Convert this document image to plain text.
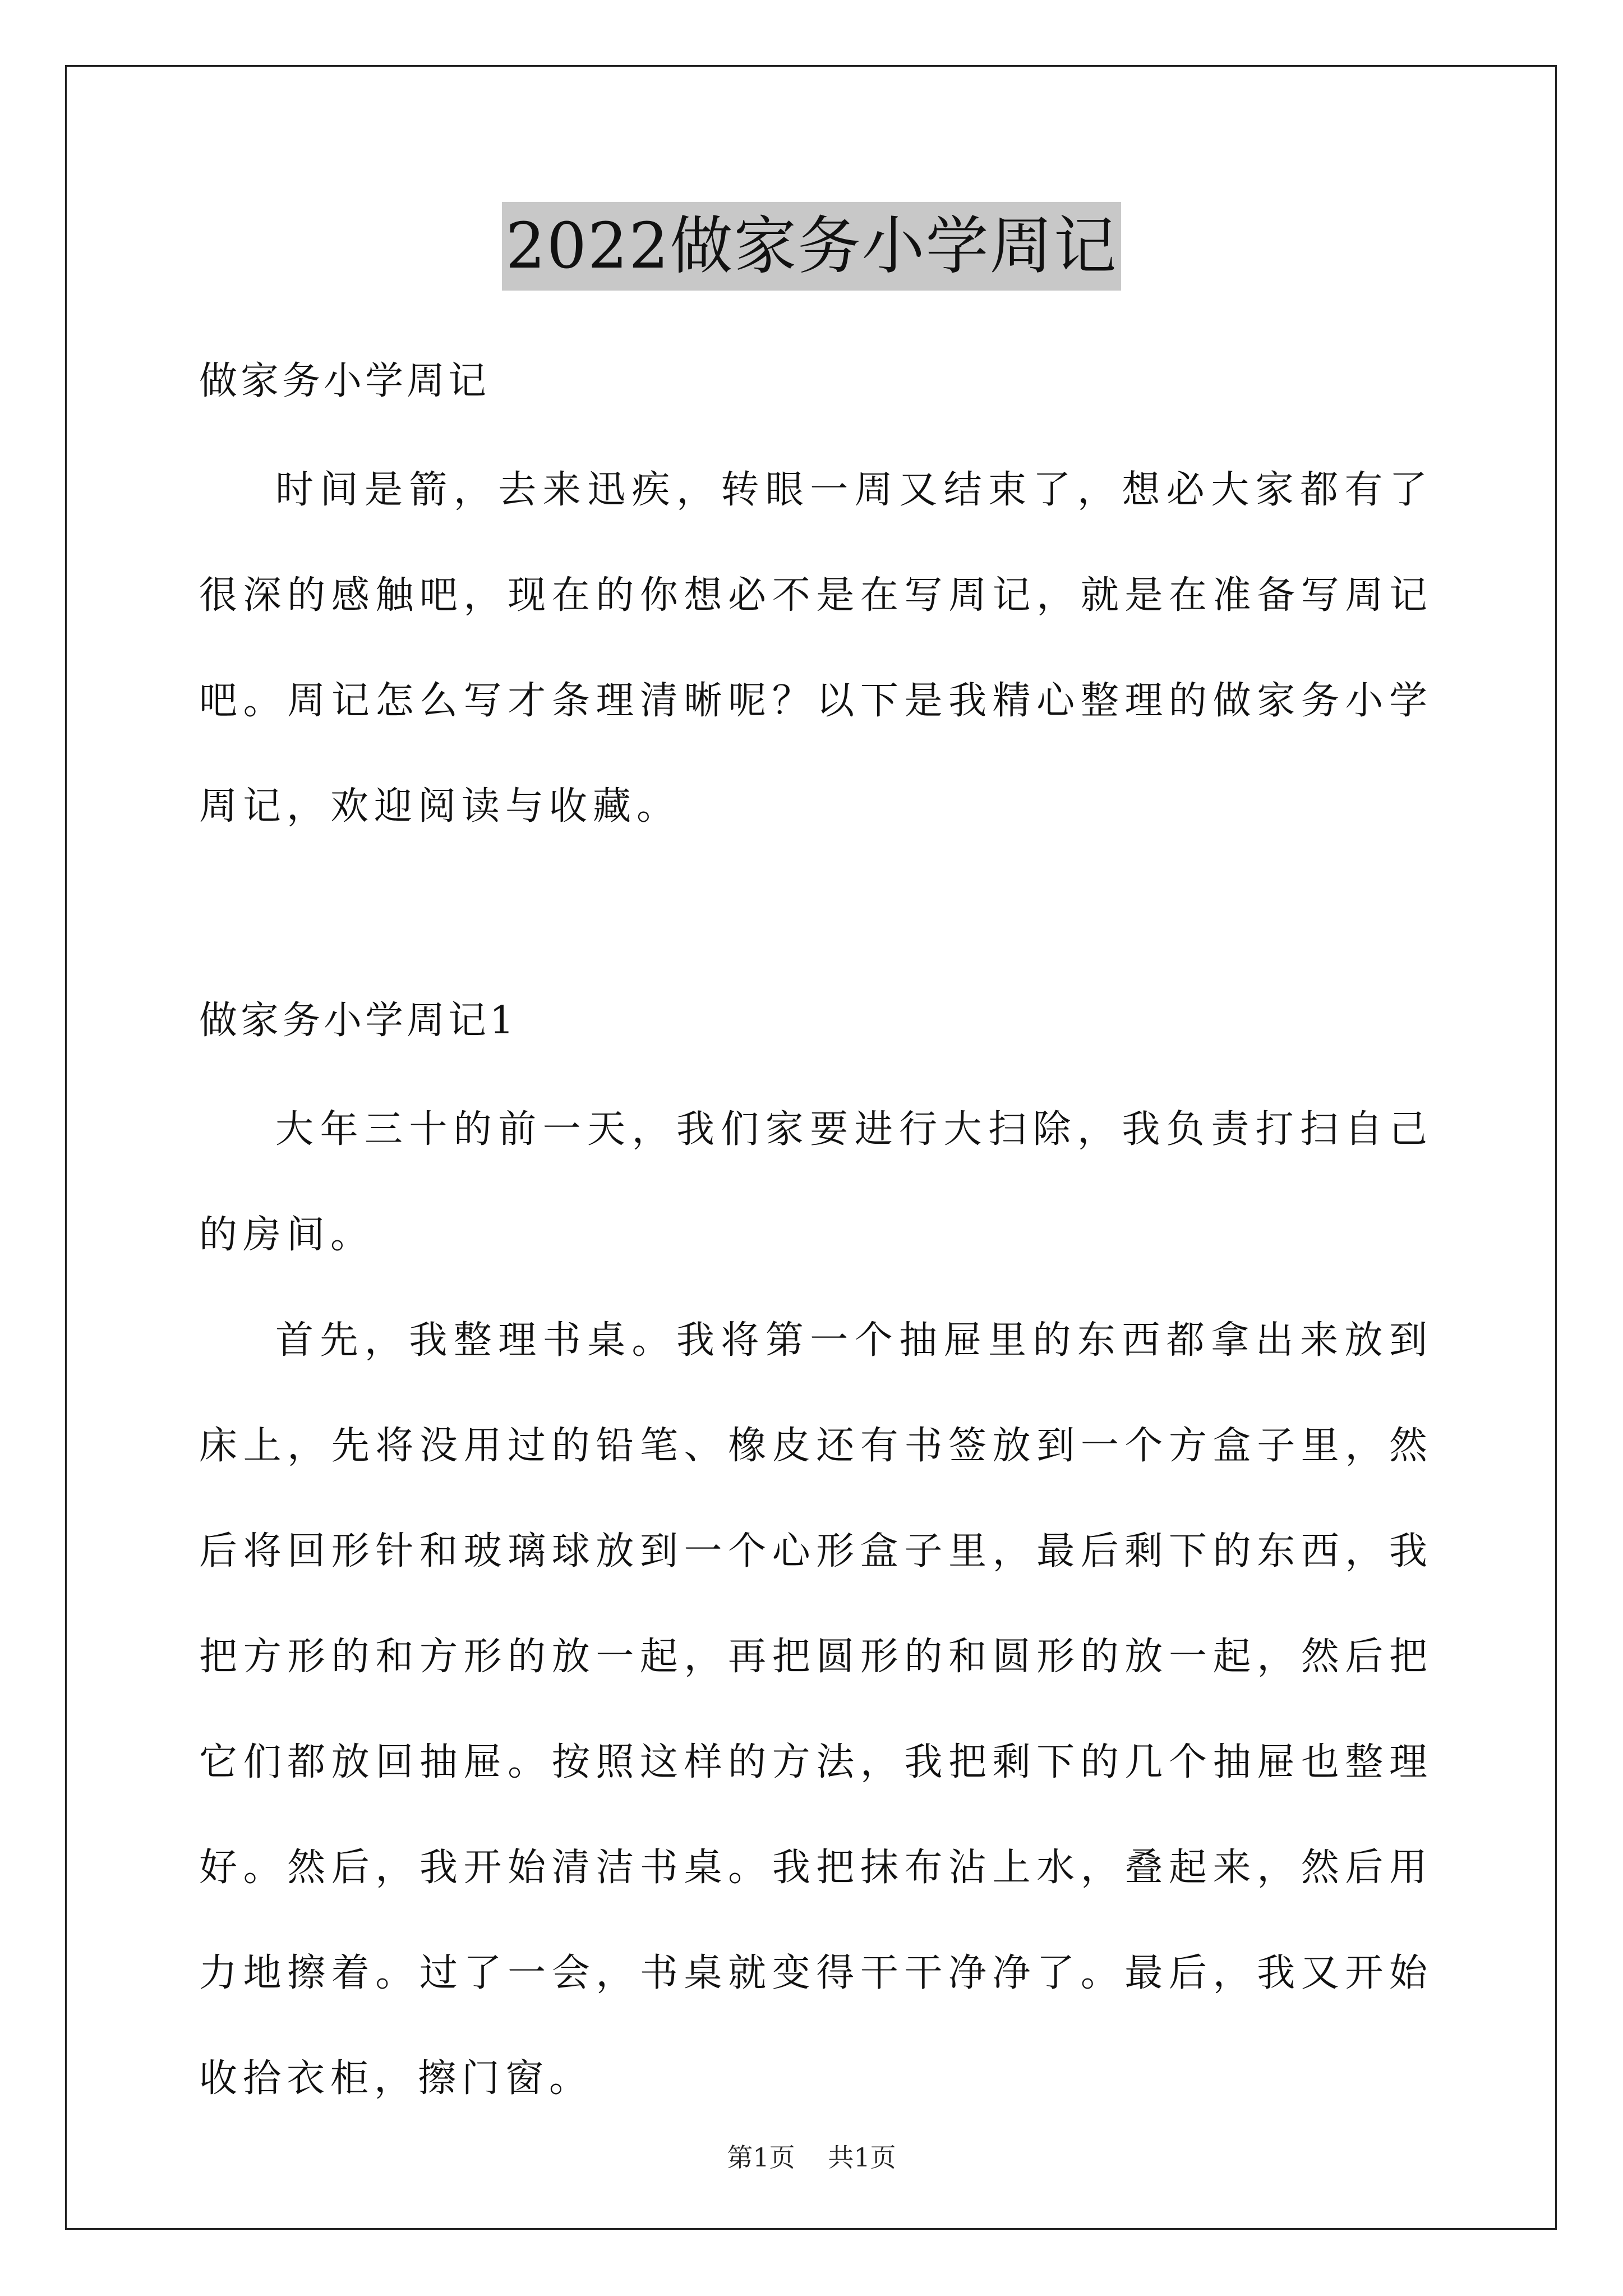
2022做家务小学周记

做家务小学周记

时间是箭，去来迅疾，转眼一周又结束了，想必大家都有了很深的感触吧，现在的你想必不是在写周记，就是在准备写周记吧。周记怎么写才条理清晰呢？以下是我精心整理的做家务小学周记，欢迎阅读与收藏。

做家务小学周记1

大年三十的前一天，我们家要进行大扫除，我负责打扫自己的房间。

首先，我整理书桌。我将第一个抽屉里的东西都拿出来放到床上，先将没用过的铅笔、橡皮还有书签放到一个方盒子里，然后将回形针和玻璃球放到一个心形盒子里，最后剩下的东西，我把方形的和方形的放一起，再把圆形的和圆形的放一起，然后把它们都放回抽屉。按照这样的方法，我把剩下的几个抽屉也整理好。然后，我开始清洁书桌。我把抹布沾上水，叠起来，然后用力地擦着。过了一会，书桌就变得干干净净了。最后，我又开始收拾衣柜，擦门窗。

第1页 共1页
